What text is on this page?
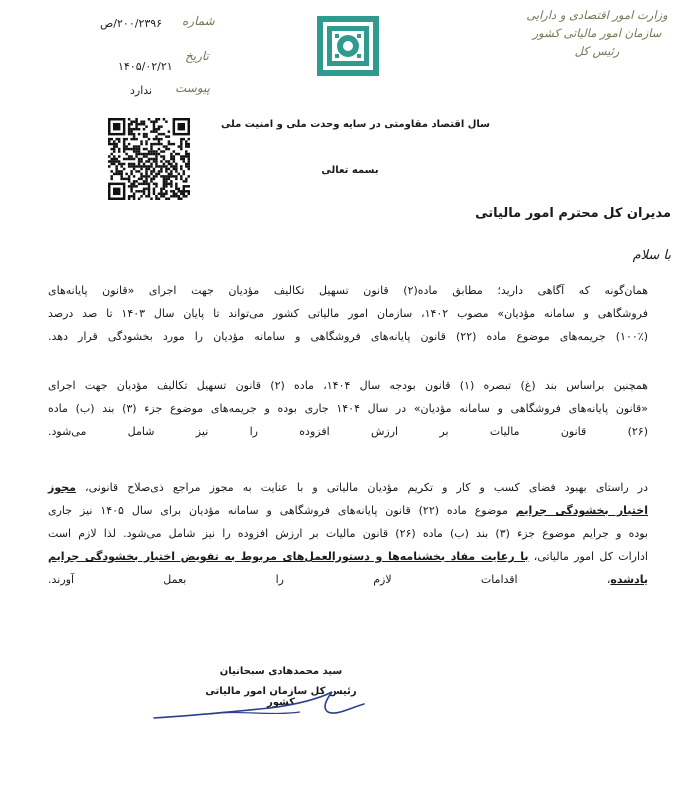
وزارت امور اقتصادی و دارایی
سازمان امور مالیاتی کشور
رئیس کل
شماره
۲۰۰/۲۳۹۶/ص
تاریخ
۱۴۰۵/۰۲/۲۱
پیوست
ندارد
سال اقتصاد مقاومتی در سایه وحدت ملی و امنیت ملی
بسمه تعالی
مدیران کل محترم امور مالیاتی
با سلام

همان‌گونه که آگاهی دارید؛ مطابق ماده(۲) قانون تسهیل تکالیف مؤدیان جهت اجرای «قانون پایانه‌های

فروشگاهی و سامانه مؤدیان» مصوب ۱۴۰۲، سازمان امور مالیاتی کشور می‌تواند تا پایان سال ۱۴۰۳ تا صد درصد

(۱۰۰٪) جریمه‌های موضوع ماده (۲۲) قانون پایانه‌های فروشگاهی و سامانه مؤدیان را مورد بخشودگی قرار دهد.

همچنین براساس بند (غ) تبصره (۱) قانون بودجه سال ۱۴۰۴، ماده (۲) قانون تسهیل تکالیف مؤدیان جهت اجرای

«قانون پایانه‌های فروشگاهی و سامانه مؤدیان» در سال ۱۴۰۴ جاری بوده و جریمه‌های موضوع جزء (۳) بند (ب) ماده

(۲۶) قانون مالیات بر ارزش افزوده را نیز شامل می‌شود.

در راستای بهبود فضای کسب و کار و تکریم مؤدیان مالیاتی و با عنایت به مجوز مراجع ذی‌صلاح قانونی، مجوز

اختیار بخشودگی جرایم موضوع ماده (۲۲) قانون پایانه‌های فروشگاهی و سامانه مؤدیان برای سال ۱۴۰۵ نیز جاری

بوده و جرایم موضوع جزء (۳) بند (ب) ماده (۲۶) قانون مالیات بر ارزش افزوده را نیز شامل می‌شود. لذا لازم است

ادارات کل امور مالیاتی، با رعایت مفاد بخشنامه‌ها و دستورالعمل‌های مربوط به تفویض اختیار بخشودگی جرایم

یادشده، اقدامات لازم را بعمل آورند.

سید محمدهادی سبحانیان
رئیس کل سازمان امور مالیاتی کشور
